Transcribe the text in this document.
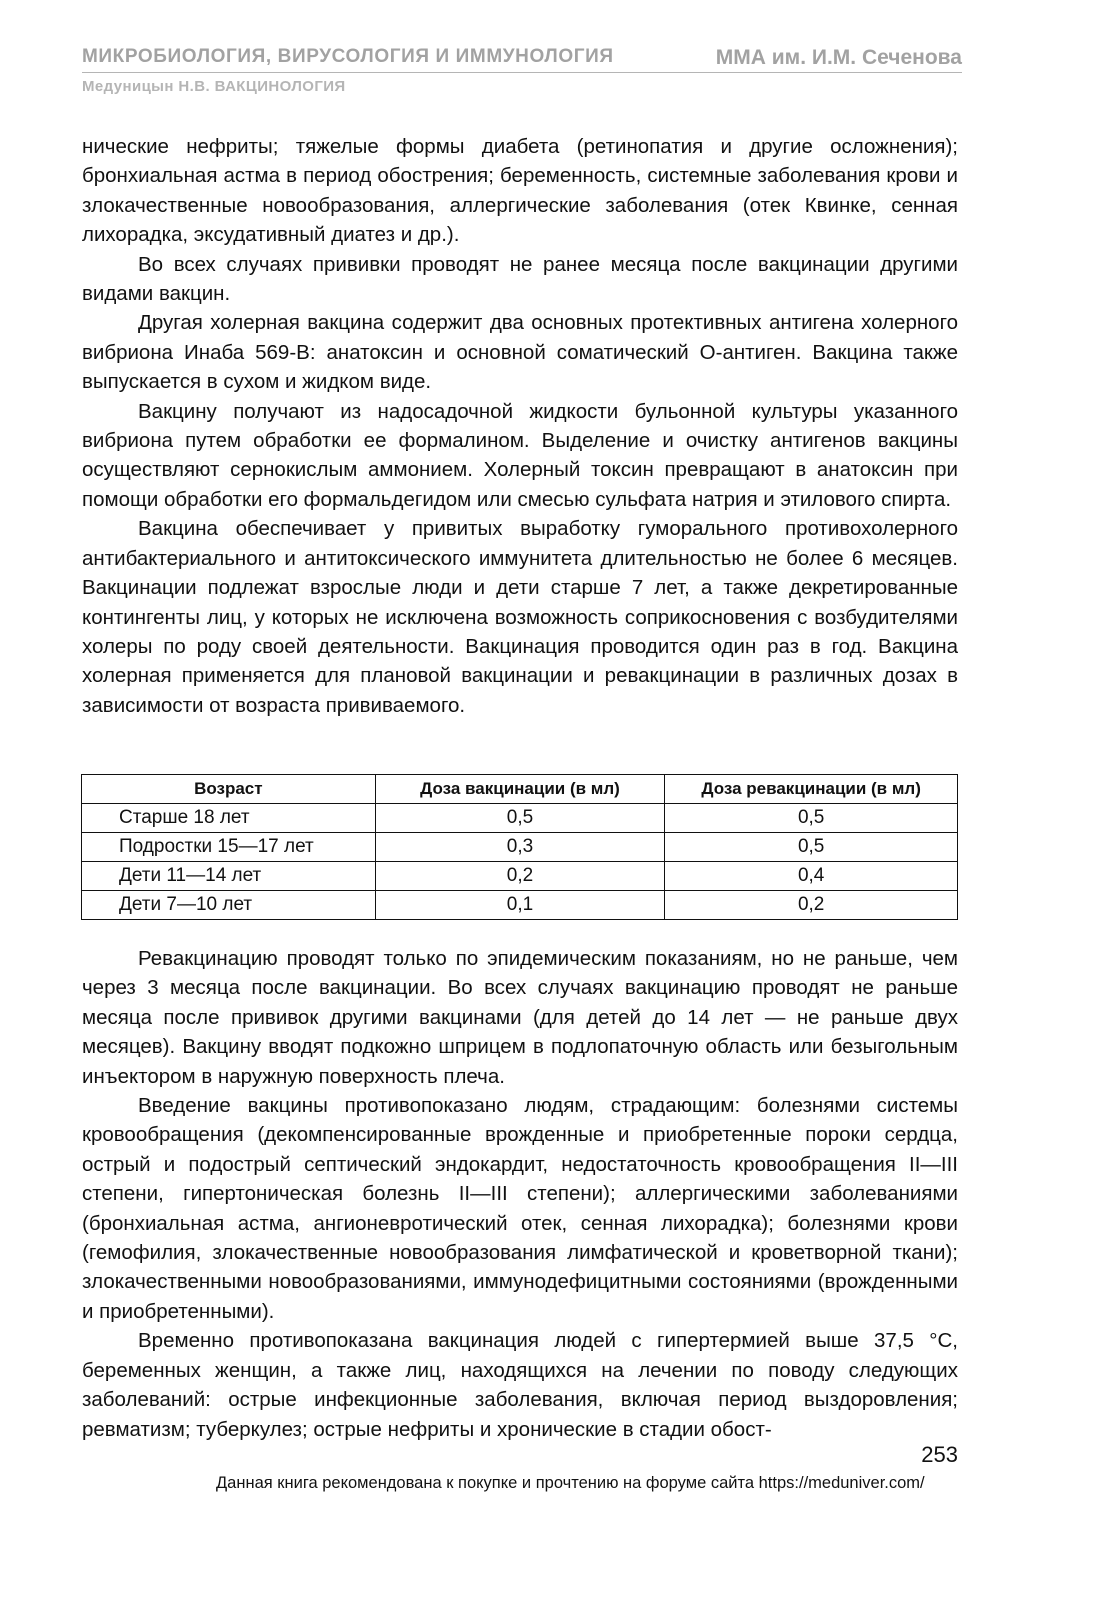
МИКРОБИОЛОГИЯ, ВИРУСОЛОГИЯ И ИММУНОЛОГИЯ	ММА им. И.М. Сеченова
Медуницын Н.В. ВАКЦИНОЛОГИЯ

нические нефриты; тяжелые формы диабета (ретинопатия и другие осложнения); бронхиальная астма в период обострения; беременность, системные заболевания крови и злокачественные новообразования, аллергические заболевания (отек Квинке, сенная лихорадка, эксудативный диатез и др.).

Во всех случаях прививки проводят не ранее месяца после вакцинации другими видами вакцин.

Другая холерная вакцина содержит два основных протективных антигена холерного вибриона Инаба 569-В: анатоксин и основной соматический О-антиген. Вакцина также выпускается в сухом и жидком виде.

Вакцину получают из надосадочной жидкости бульонной культуры указанного вибриона путем обработки ее формалином. Выделение и очистку антигенов вакцины осуществляют сернокислым аммонием. Холерный токсин превращают в анатоксин при помощи обработки его формальдегидом или смесью сульфата натрия и этилового спирта.

Вакцина обеспечивает у привитых выработку гуморального противохолерного антибактериального и антитоксического иммунитета длительностью не более 6 месяцев. Вакцинации подлежат взрослые люди и дети старше 7 лет, а также декретированные контингенты лиц, у которых не исключена возможность соприкосновения с возбудителями холеры по роду своей деятельности. Вакцинация проводится один раз в год. Вакцина холерная применяется для плановой вакцинации и ревакцинации в различных дозах в зависимости от возраста прививаемого.

Возраст	Доза вакцинации (в мл)	Доза ревакцинации (в мл)
Старше 18 лет	0,5	0,5
Подростки 15—17 лет	0,3	0,5
Дети 11—14 лет	0,2	0,4
Дети 7—10 лет	0,1	0,2

Ревакцинацию проводят только по эпидемическим показаниям, но не раньше, чем через 3 месяца после вакцинации. Во всех случаях вакцинацию проводят не раньше месяца после прививок другими вакцинами (для детей до 14 лет — не раньше двух месяцев). Вакцину вводят подкожно шприцем в подлопаточную область или безыгольным инъектором в наружную поверхность плеча.

Введение вакцины противопоказано людям, страдающим: болезнями системы кровообращения (декомпенсированные врожденные и приобретенные пороки сердца, острый и подострый септический эндокардит, недостаточность кровообращения II—III степени, гипертоническая болезнь II—III степени); аллергическими заболеваниями (бронхиальная астма, ангионевротический отек, сенная лихорадка); болезнями крови (гемофилия, злокачественные новообразования лимфатической и кроветворной ткани); злокачественными новообразованиями, иммунодефицитными состояниями (врожденными и приобретенными).

Временно противопоказана вакцинация людей с гипертермией выше 37,5 °С, беременных женщин, а также лиц, находящихся на лечении по поводу следующих заболеваний: острые инфекционные заболевания, включая период выздоровления; ревматизм; туберкулез; острые нефриты и хронические в стадии обост-

253
Данная книга рекомендована к покупке и прочтению на форуме сайта https://meduniver.com/
